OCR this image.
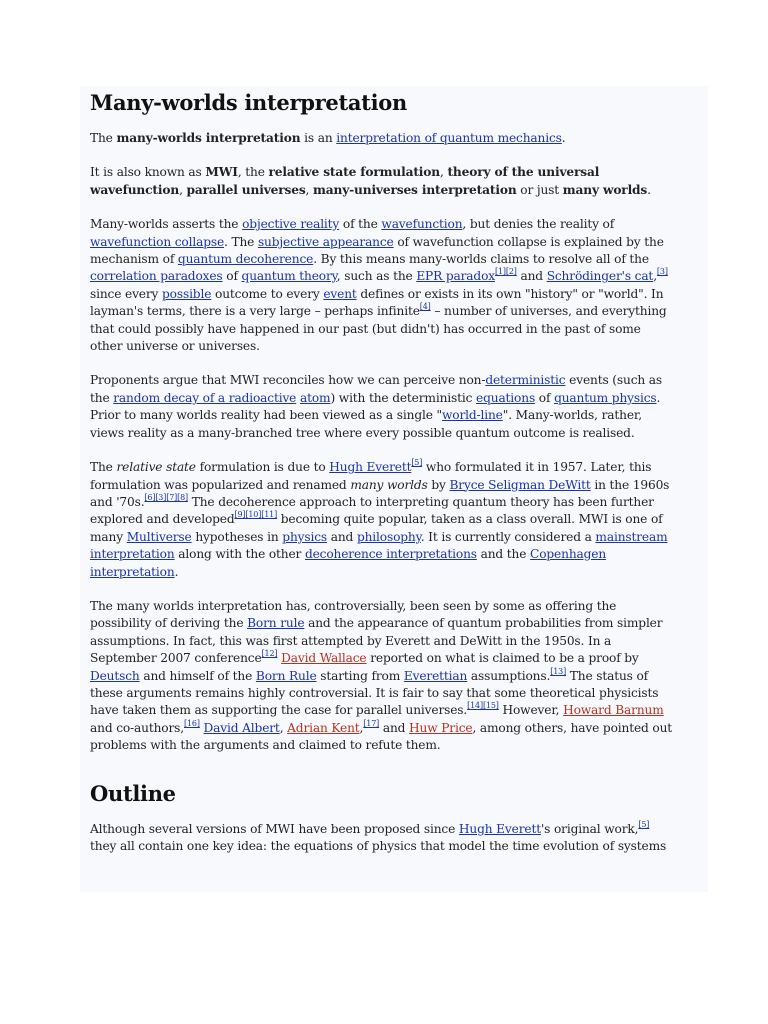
Many-worlds interpretation

The many-worlds interpretation is an interpretation of quantum mechanics.

It is also known as MWI, the relative state formulation, theory of the universal wavefunction, parallel universes, many-universes interpretation or just many worlds.

Many-worlds asserts the objective reality of the wavefunction, but denies the reality of wavefunction collapse. The subjective appearance of wavefunction collapse is explained by the mechanism of quantum decoherence. By this means many-worlds claims to resolve all of the correlation paradoxes of quantum theory, such as the EPR paradox[1][2] and Schrödinger's cat,[3] since every possible outcome to every event defines or exists in its own "history" or "world". In layman's terms, there is a very large – perhaps infinite[4] – number of universes, and everything that could possibly have happened in our past (but didn't) has occurred in the past of some other universe or universes.

Proponents argue that MWI reconciles how we can perceive non-deterministic events (such as the random decay of a radioactive atom) with the deterministic equations of quantum physics. Prior to many worlds reality had been viewed as a single "world-line". Many-worlds, rather, views reality as a many-branched tree where every possible quantum outcome is realised.

The relative state formulation is due to Hugh Everett[5] who formulated it in 1957. Later, this formulation was popularized and renamed many worlds by Bryce Seligman DeWitt in the 1960s and '70s.[6][3][7][8] The decoherence approach to interpreting quantum theory has been further explored and developed[9][10][11] becoming quite popular, taken as a class overall. MWI is one of many Multiverse hypotheses in physics and philosophy. It is currently considered a mainstream interpretation along with the other decoherence interpretations and the Copenhagen interpretation.

The many worlds interpretation has, controversially, been seen by some as offering the possibility of deriving the Born rule and the appearance of quantum probabilities from simpler assumptions. In fact, this was first attempted by Everett and DeWitt in the 1950s. In a September 2007 conference[12] David Wallace reported on what is claimed to be a proof by Deutsch and himself of the Born Rule starting from Everettian assumptions.[13] The status of these arguments remains highly controversial. It is fair to say that some theoretical physicists have taken them as supporting the case for parallel universes.[14][15] However, Howard Barnum and co-authors,[16] David Albert, Adrian Kent,[17] and Huw Price, among others, have pointed out problems with the arguments and claimed to refute them.

Outline

Although several versions of MWI have been proposed since Hugh Everett's original work,[5] they all contain one key idea: the equations of physics that model the time evolution of systems
